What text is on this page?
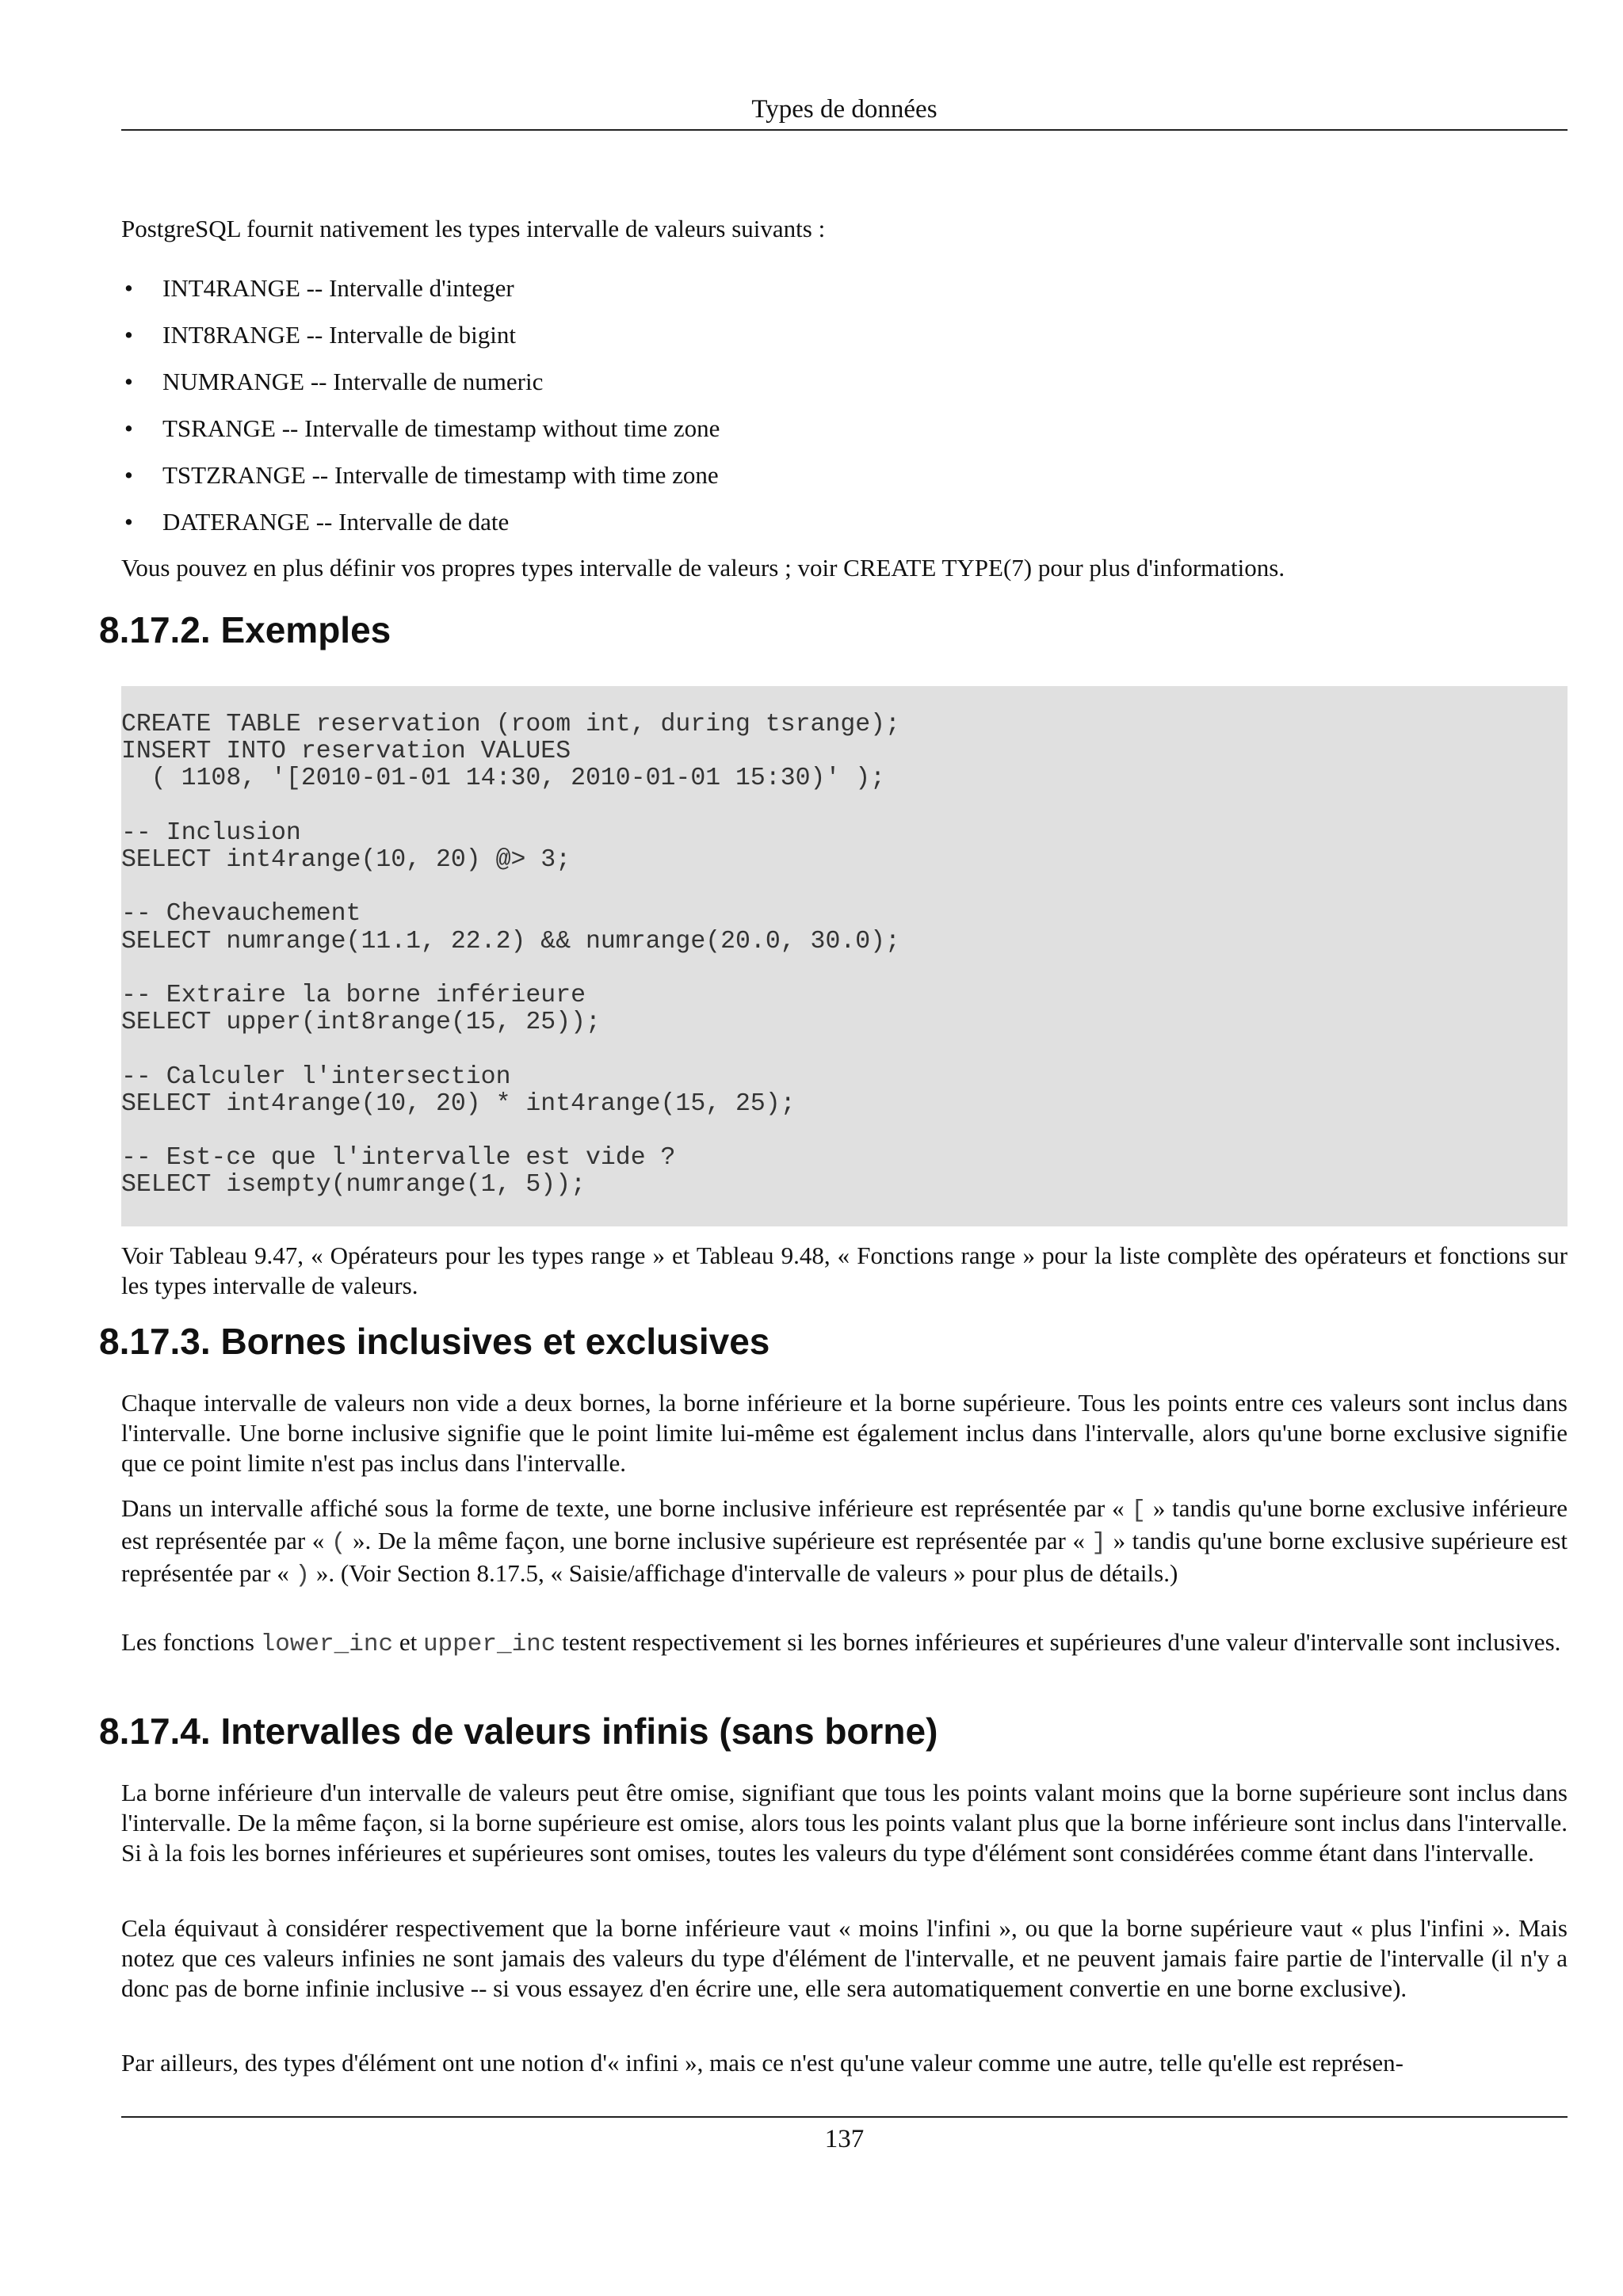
Types de données

PostgreSQL fournit nativement les types intervalle de valeurs suivants :

• INT4RANGE -- Intervalle d'integer
• INT8RANGE -- Intervalle de bigint
• NUMRANGE -- Intervalle de numeric
• TSRANGE -- Intervalle de timestamp without time zone
• TSTZRANGE -- Intervalle de timestamp with time zone
• DATERANGE -- Intervalle de date

Vous pouvez en plus définir vos propres types intervalle de valeurs ; voir CREATE TYPE(7) pour plus d'informations.

8.17.2. Exemples
CREATE TABLE reservation (room int, during tsrange);
INSERT INTO reservation VALUES
( 1108, '[2010-01-01 14:30, 2010-01-01 15:30)' );

-- Inclusion
SELECT int4range(10, 20) @> 3;

-- Chevauchement
SELECT numrange(11.1, 22.2) && numrange(20.0, 30.0);

-- Extraire la borne inférieure
SELECT upper(int8range(15, 25));

-- Calculer l'intersection
SELECT int4range(10, 20) * int4range(15, 25);

-- Est-ce que l'intervalle est vide ?
SELECT isempty(numrange(1, 5));

Voir Tableau 9.47, « Opérateurs pour les types range » et Tableau 9.48, « Fonctions range » pour la liste complète des opérateurs et fonctions sur les types intervalle de valeurs.

8.17.3. Bornes inclusives et exclusives

Chaque intervalle de valeurs non vide a deux bornes, la borne inférieure et la borne supérieure. Tous les points entre ces valeurs sont inclus dans l'intervalle. Une borne inclusive signifie que le point limite lui-même est également inclus dans l'intervalle, alors qu'une borne exclusive signifie que ce point limite n'est pas inclus dans l'intervalle.

Dans un intervalle affiché sous la forme de texte, une borne inclusive inférieure est représentée par « [ » tandis qu'une borne exclusive inférieure est représentée par « ( ». De la même façon, une borne inclusive supérieure est représentée par « ] » tandis qu'une borne exclusive supérieure est représentée par « ) ». (Voir Section 8.17.5, « Saisie/affichage d'intervalle de valeurs » pour plus de détails.)

Les fonctions lower_inc et upper_inc testent respectivement si les bornes inférieures et supérieures d'une valeur d'intervalle sont inclusives.

8.17.4. Intervalles de valeurs infinis (sans borne)

La borne inférieure d'un intervalle de valeurs peut être omise, signifiant que tous les points valant moins que la borne supérieure sont inclus dans l'intervalle. De la même façon, si la borne supérieure est omise, alors tous les points valant plus que la borne inférieure sont inclus dans l'intervalle. Si à la fois les bornes inférieures et supérieures sont omises, toutes les valeurs du type d'élément sont considérées comme étant dans l'intervalle.

Cela équivaut à considérer respectivement que la borne inférieure vaut « moins l'infini », ou que la borne supérieure vaut « plus l'infini ». Mais notez que ces valeurs infinies ne sont jamais des valeurs du type d'élément de l'intervalle, et ne peuvent jamais faire partie de l'intervalle (il n'y a donc pas de borne infinie inclusive -- si vous essayez d'en écrire une, elle sera automatiquement convertie en une borne exclusive).

Par ailleurs, des types d'élément ont une notion d'« infini », mais ce n'est qu'une valeur comme une autre, telle qu'elle est représen-

137
